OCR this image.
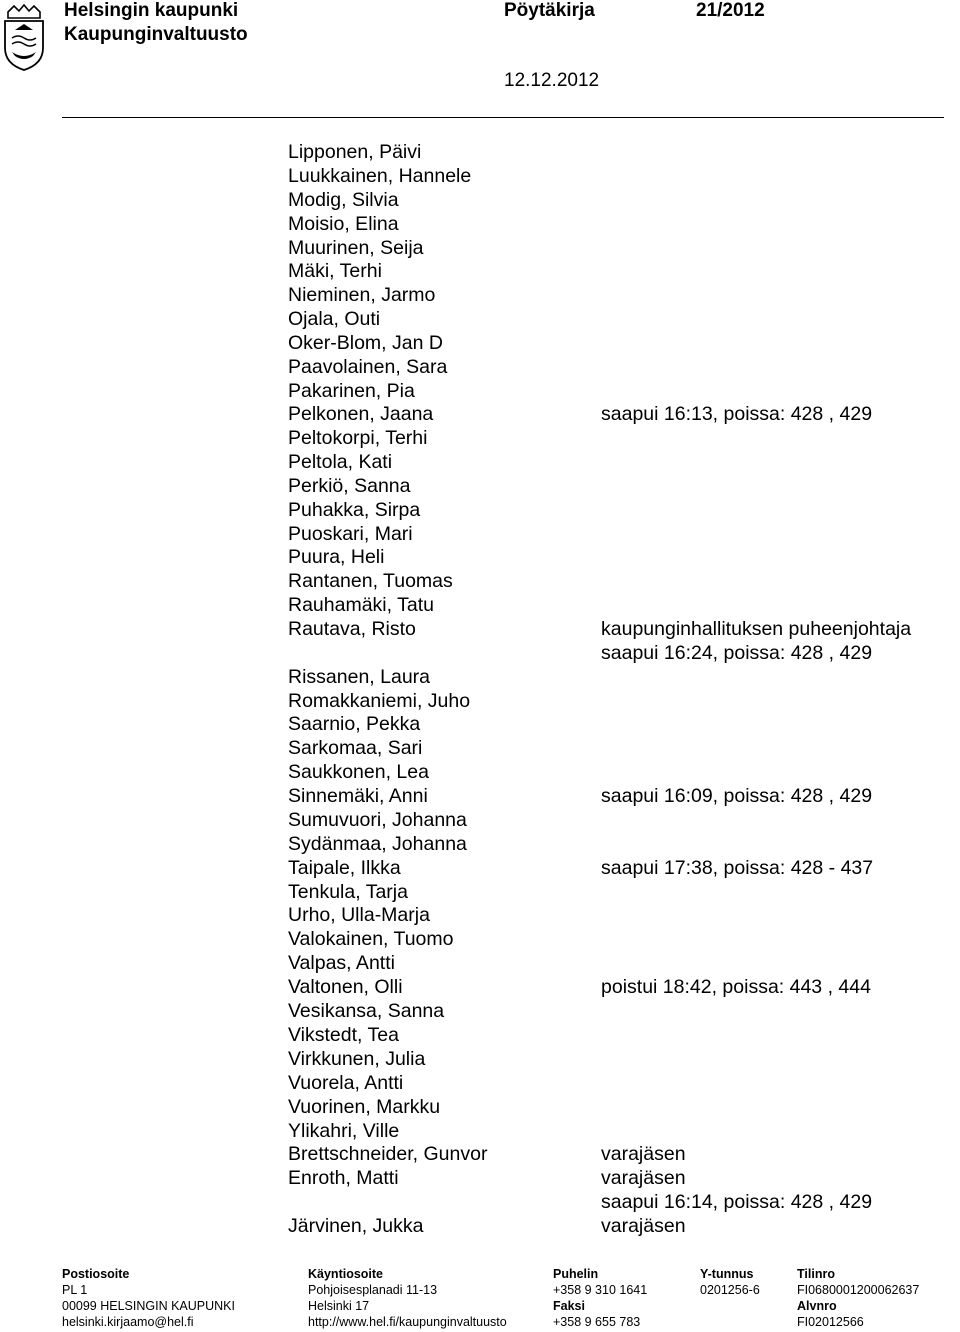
Helsingin kaupunki
Kaupunginvaltuusto
Pöytäkirja	21/2012
12.12.2012
Lipponen, Päivi
Luukkainen, Hannele
Modig, Silvia
Moisio, Elina
Muurinen, Seija
Mäki, Terhi
Nieminen, Jarmo
Ojala, Outi
Oker-Blom, Jan D
Paavolainen, Sara
Pakarinen, Pia
Pelkonen, Jaana
Peltokorpi, Terhi
Peltola, Kati
Perkiö, Sanna
Puhakka, Sirpa
Puoskari, Mari
Puura, Heli
Rantanen, Tuomas
Rauhamäki, Tatu
Rautava, Risto
Rissanen, Laura
Romakkaniemi, Juho
Saarnio, Pekka
Sarkomaa, Sari
Saukkonen, Lea
Sinnemäki, Anni
Sumuvuori, Johanna
Sydänmaa, Johanna
Taipale, Ilkka
Tenkula, Tarja
Urho, Ulla-Marja
Valokainen, Tuomo
Valpas, Antti
Valtonen, Olli
Vesikansa, Sanna
Vikstedt, Tea
Virkkunen, Julia
Vuorela, Antti
Vuorinen, Markku
Ylikahri, Ville
Brettschneider, Gunvor
Enroth, Matti
Järvinen, Jukka
saapui 16:13, poissa: 428 , 429
kaupunginhallituksen puheenjohtaja
saapui 16:24, poissa: 428 , 429
saapui 16:09, poissa: 428 , 429
saapui 17:38, poissa: 428 - 437
poistui 18:42, poissa: 443 , 444
varajäsen
varajäsen
saapui 16:14, poissa: 428 , 429
varajäsen
Postiosoite
PL 1
00099 HELSINGIN KAUPUNKI
helsinki.kirjaamo@hel.fi
Käyntiosoite
Pohjoisesplanadi 11-13
Helsinki 17
http://www.hel.fi/kaupunginvaltuusto
Puhelin
+358 9 310 1641
Faksi
+358 9 655 783
Y-tunnus
0201256-6
Tilinro
FI0680001200062637
Alvnro
FI02012566
